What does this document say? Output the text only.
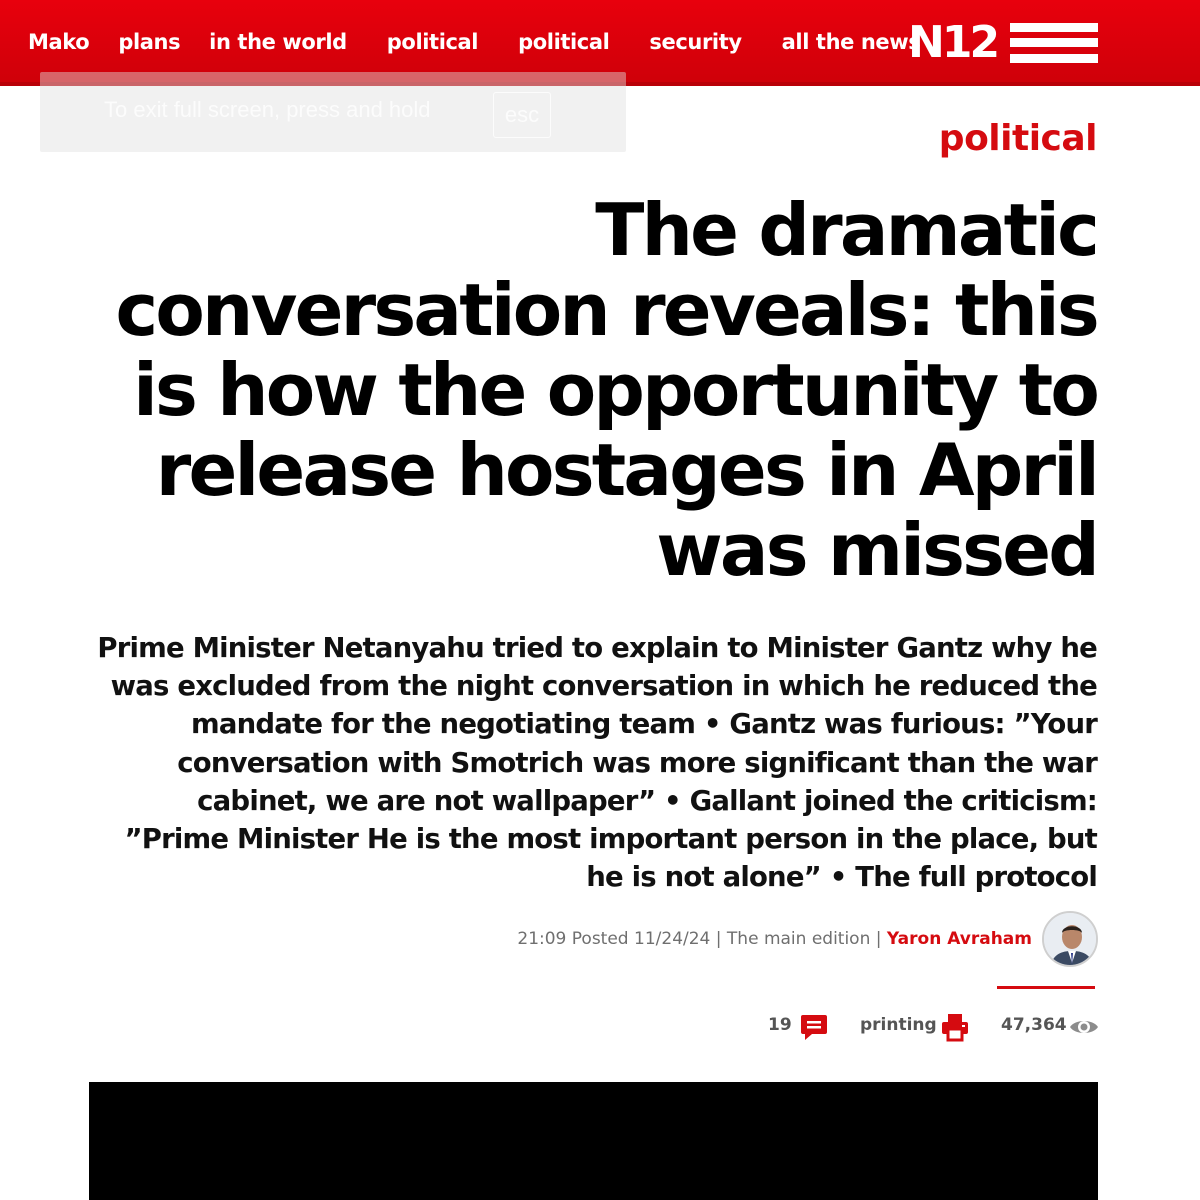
Mako plans in the world political political security all the news
N12
To exit full screen, press and hold	esc
political
The dramatic conversation reveals: this is how the opportunity to release hostages in April was missed

Prime Minister Netanyahu tried to explain to Minister Gantz why he was excluded from the night conversation in which he reduced the mandate for the negotiating team • Gantz was furious: ”Your conversation with Smotrich was more significant than the war cabinet, we are not wallpaper” • Gallant joined the criticism: ”Prime Minister He is the most important person in the place, but he is not alone” • The full protocol

21:09 Posted 11/24/24 | The main edition | Yaron Avraham
19	printing	47,364
